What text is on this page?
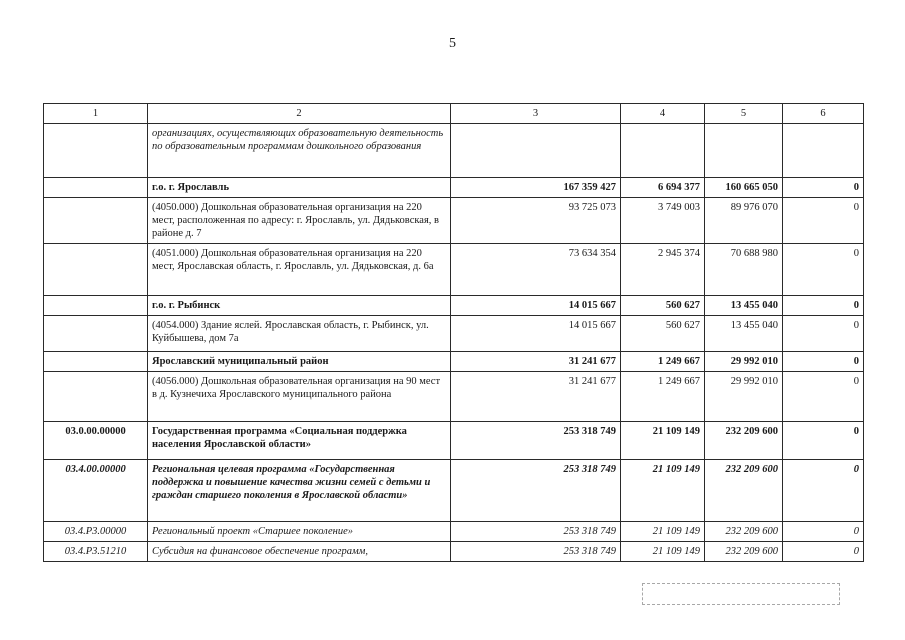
5
1	2	3	4	5	6
	организациях, осуществляющих образовательную деятельность по образовательным программам дошкольного образования				
	г.о. г. Ярославль	167 359 427	6 694 377	160 665 050	0
	(4050.000) Дошкольная образовательная организация на 220 мест, расположенная по адресу: г. Ярославль, ул. Дядьковская, в районе д. 7	93 725 073	3 749 003	89 976 070	0
	(4051.000) Дошкольная образовательная организация на 220 мест, Ярославская область, г. Ярославль, ул. Дядьковская, д. 6а	73 634 354	2 945 374	70 688 980	0
	г.о. г. Рыбинск	14 015 667	560 627	13 455 040	0
	(4054.000) Здание яслей. Ярославская область, г. Рыбинск, ул. Куйбышева, дом 7а	14 015 667	560 627	13 455 040	0
	Ярославский муниципальный район	31 241 677	1 249 667	29 992 010	0
	(4056.000) Дошкольная образовательная организация на 90 мест в д. Кузнечиха Ярославского муниципального района	31 241 677	1 249 667	29 992 010	0
03.0.00.00000	Государственная программа «Социальная поддержка населения Ярославской области»	253 318 749	21 109 149	232 209 600	0
03.4.00.00000	Региональная целевая программа «Государственная поддержка и повышение качества жизни семей с детьми и граждан старшего поколения в Ярославской области»	253 318 749	21 109 149	232 209 600	0
03.4.P3.00000	Региональный проект «Старшее поколение»	253 318 749	21 109 149	232 209 600	0
03.4.P3.51210	Субсидия на финансовое обеспечение программ,	253 318 749	21 109 149	232 209 600	0
